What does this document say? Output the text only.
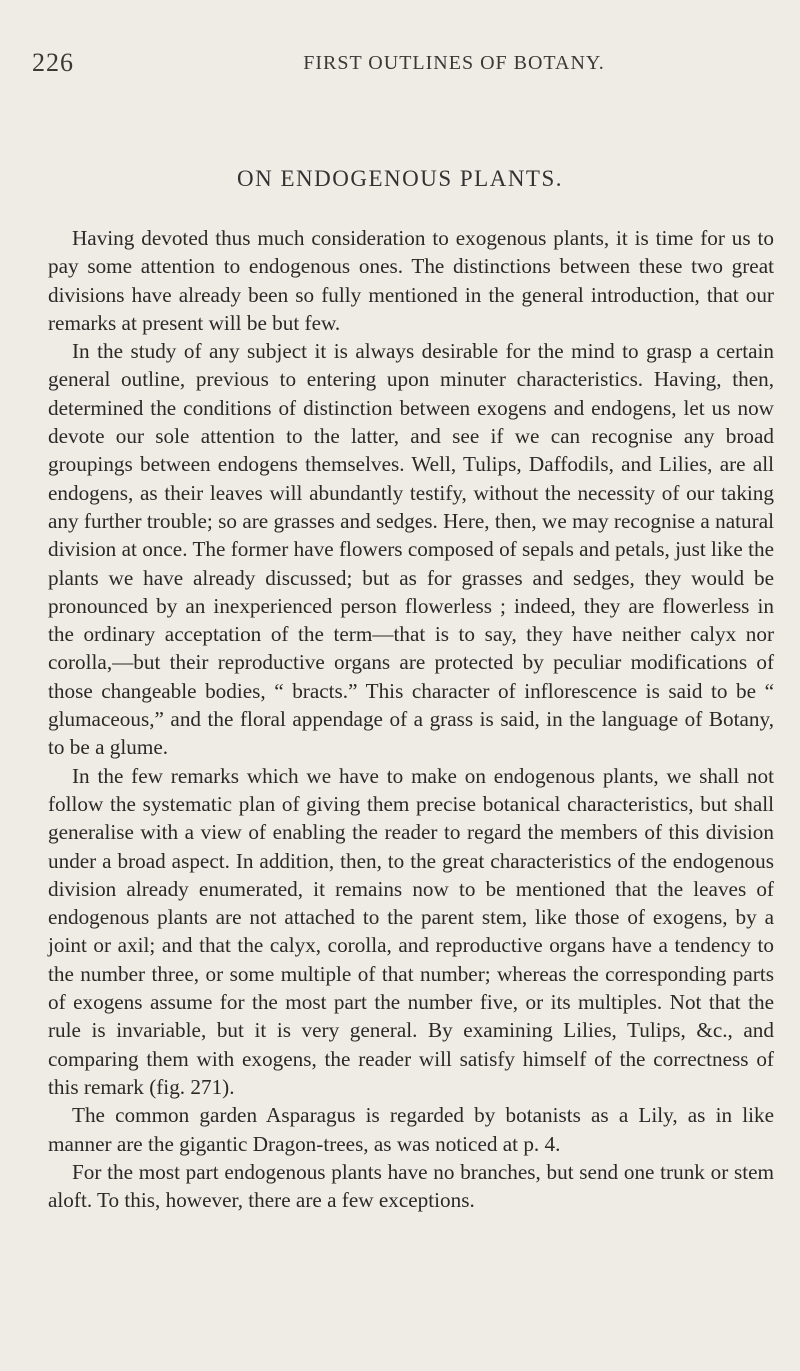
226	FIRST OUTLINES OF BOTANY.
ON ENDOGENOUS PLANTS.

Having devoted thus much consideration to exogenous plants, it is time for us to pay some attention to endogenous ones. The distinctions between these two great divisions have already been so fully mentioned in the general introduction, that our remarks at present will be but few.

In the study of any subject it is always desirable for the mind to grasp a certain general outline, previous to entering upon minuter characteristics. Having, then, determined the conditions of distinction between exogens and endogens, let us now devote our sole attention to the latter, and see if we can recognise any broad groupings between endogens themselves. Well, Tulips, Daffodils, and Lilies, are all endogens, as their leaves will abundantly testify, without the necessity of our taking any further trouble; so are grasses and sedges. Here, then, we may recognise a natural division at once. The former have flowers composed of sepals and petals, just like the plants we have already discussed; but as for grasses and sedges, they would be pronounced by an inexperienced person flowerless ; indeed, they are flowerless in the ordinary acceptation of the term—that is to say, they have neither calyx nor corolla,—but their reproductive organs are protected by peculiar modifications of those changeable bodies, “ bracts.” This character of inflorescence is said to be “ glumaceous,” and the floral appendage of a grass is said, in the language of Botany, to be a glume.

In the few remarks which we have to make on endogenous plants, we shall not follow the systematic plan of giving them precise botanical characteristics, but shall generalise with a view of enabling the reader to regard the members of this division under a broad aspect. In addition, then, to the great characteristics of the endogenous division already enumerated, it remains now to be mentioned that the leaves of endogenous plants are not attached to the parent stem, like those of exogens, by a joint or axil; and that the calyx, corolla, and reproductive organs have a tendency to the number three, or some multiple of that number; whereas the corresponding parts of exogens assume for the most part the number five, or its multiples. Not that the rule is invariable, but it is very general. By examining Lilies, Tulips, &c., and comparing them with exogens, the reader will satisfy himself of the correctness of this remark (fig. 271).

The common garden Asparagus is regarded by botanists as a Lily, as in like manner are the gigantic Dragon-trees, as was noticed at p. 4.

For the most part endogenous plants have no branches, but send one trunk or stem aloft. To this, however, there are a few exceptions.
